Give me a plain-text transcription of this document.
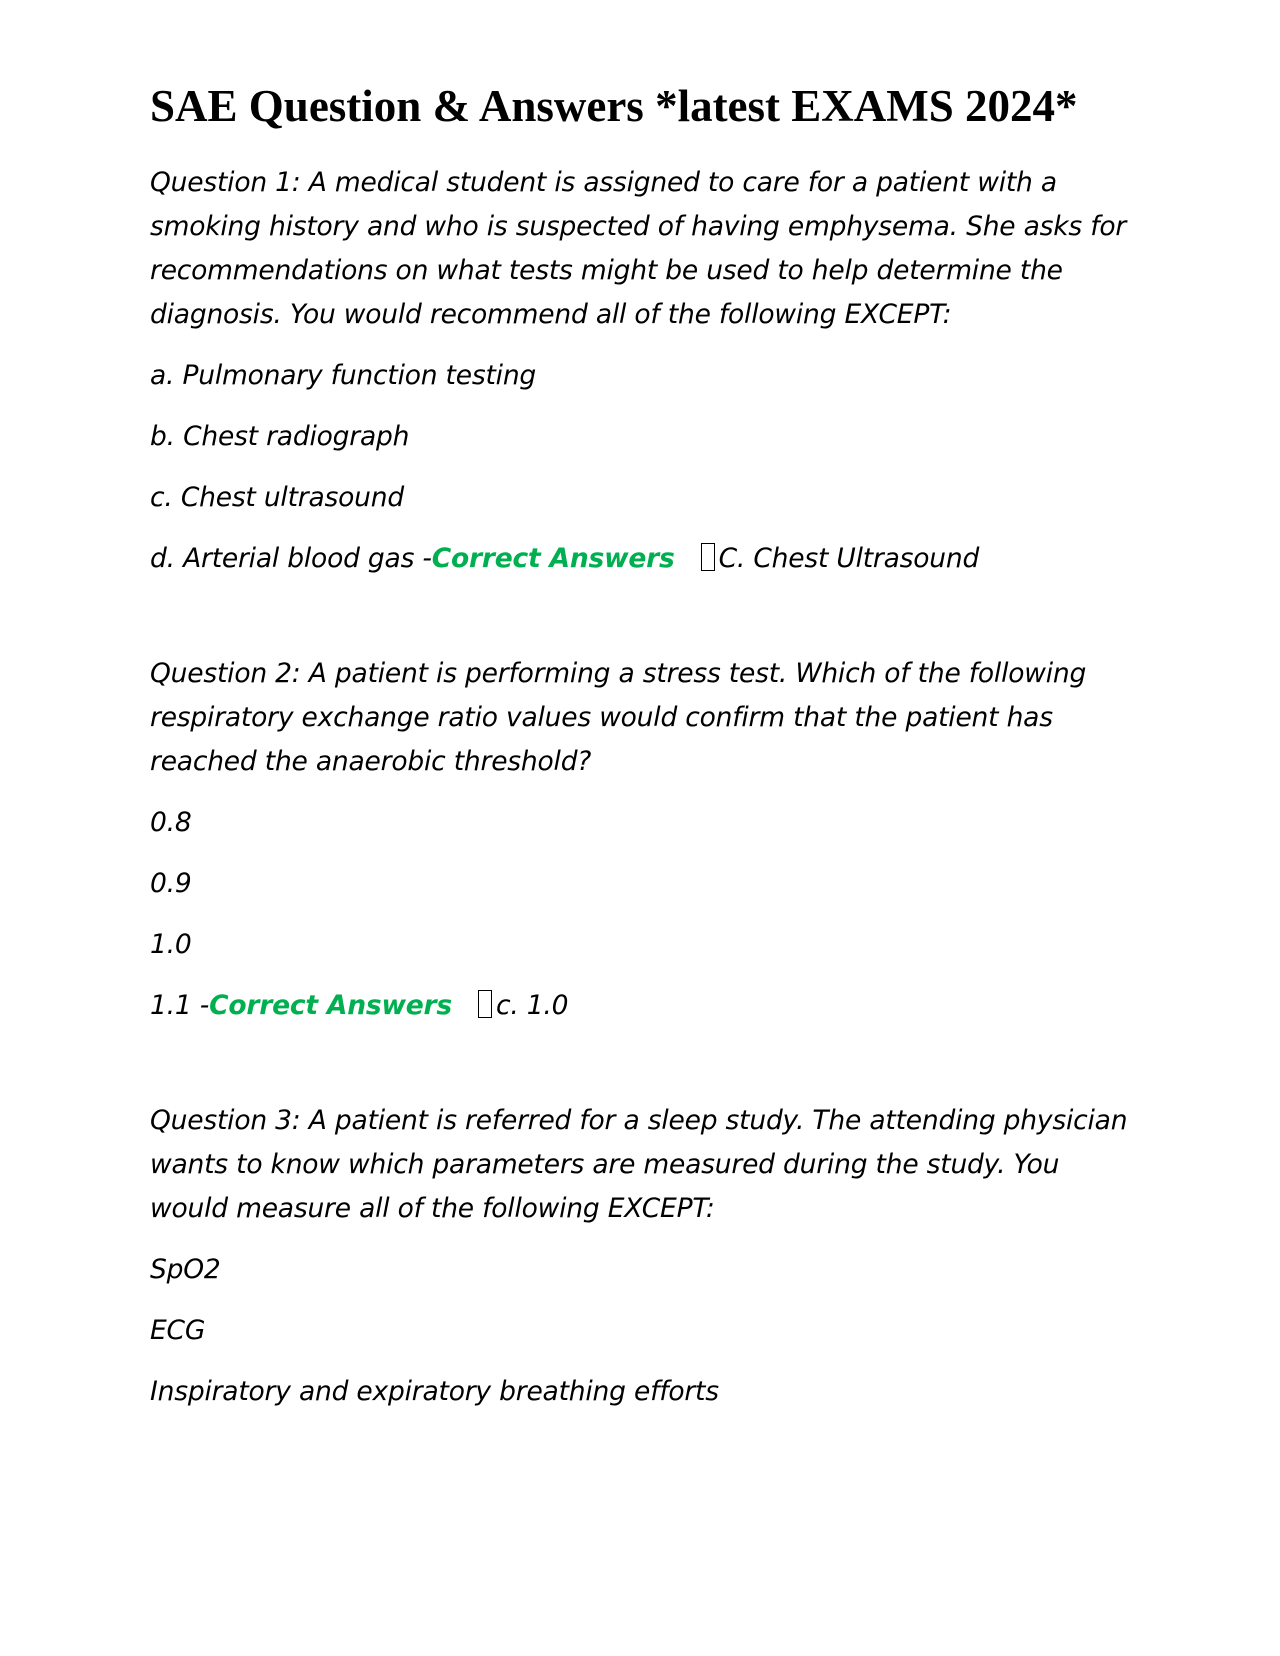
SAE Question & Answers *latest EXAMS 2024*

Question 1: A medical student is assigned to care for a patient with a smoking history and who is suspected of having emphysema. She asks for recommendations on what tests might be used to help determine the diagnosis. You would recommend all of the following EXCEPT:

a. Pulmonary function testing

b. Chest radiograph

c. Chest ultrasound

d. Arterial blood gas -Correct Answers C. Chest Ultrasound

Question 2: A patient is performing a stress test. Which of the following respiratory exchange ratio values would confirm that the patient has reached the anaerobic threshold?

0.8

0.9

1.0

1.1 -Correct Answers c. 1.0

Question 3: A patient is referred for a sleep study. The attending physician wants to know which parameters are measured during the study. You would measure all of the following EXCEPT:

SpO2

ECG

Inspiratory and expiratory breathing efforts
